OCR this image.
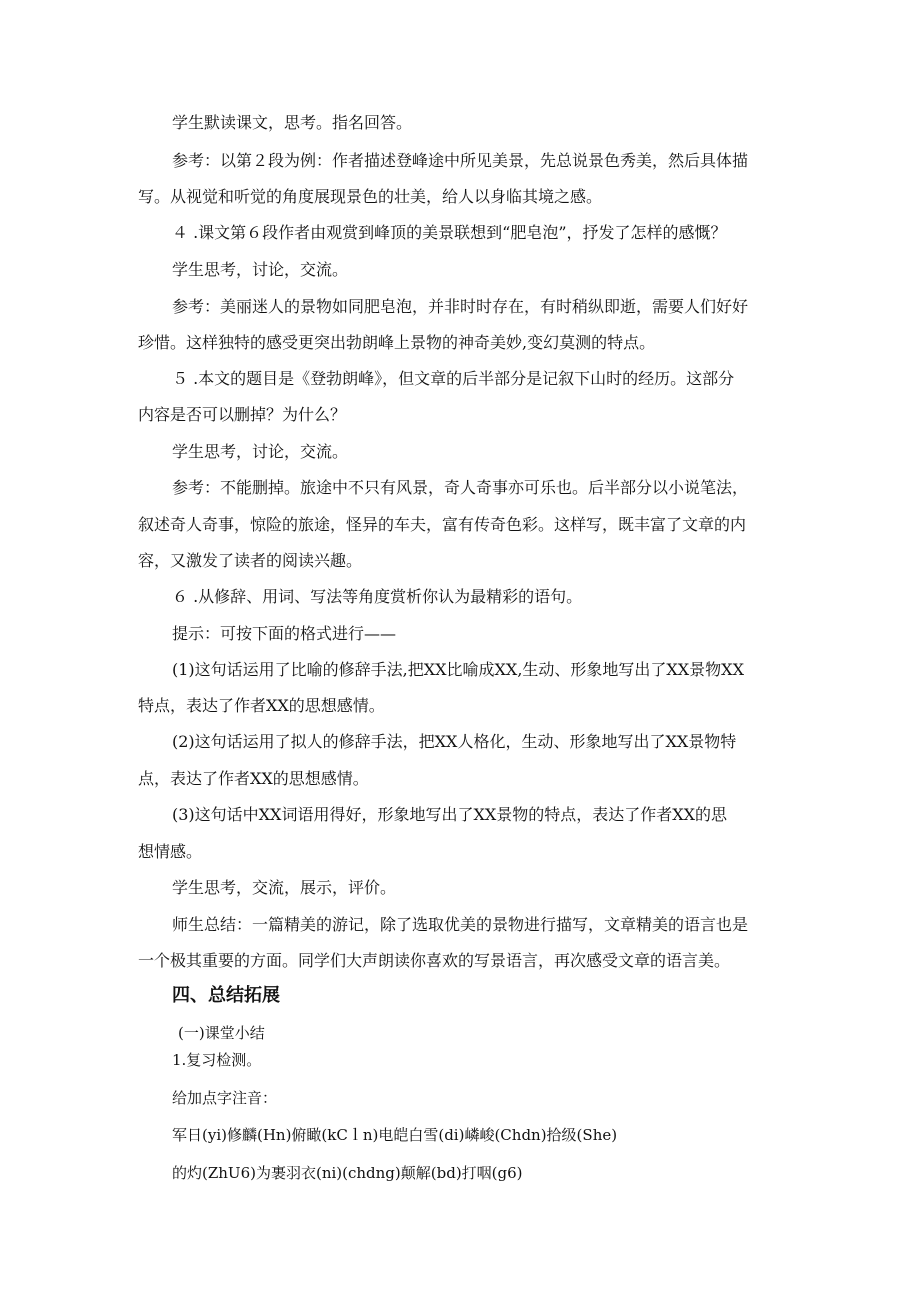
学生默读课文，思考。指名回答。

参考：以第２段为例：作者描述登峰途中所见美景，先总说景色秀美，然后具体描

写。从视觉和听觉的角度展现景色的壮美，给人以身临其境之感。

４ .课文第６段作者由观赏到峰顶的美景联想到“肥皂泡”，抒发了怎样的感慨？

学生思考，讨论，交流。

参考：美丽迷人的景物如同肥皂泡，并非时时存在，有时稍纵即逝，需要人们好好

珍惜。这样独特的感受更突出勃朗峰上景物的神奇美妙,变幻莫测的特点。

５ .本文的题目是《登勃朗峰》，但文章的后半部分是记叙下山时的经历。这部分

内容是否可以删掉？为什么？

学生思考，讨论，交流。

参考：不能删掉。旅途中不只有风景，奇人奇事亦可乐也。后半部分以小说笔法，

叙述奇人奇事，惊险的旅途，怪异的车夫，富有传奇色彩。这样写，既丰富了文章的内

容，又激发了读者的阅读兴趣。

６ .从修辞、用词、写法等角度赏析你认为最精彩的语句。

提示：可按下面的格式进行——

(1)这句话运用了比喻的修辞手法,把XX比喻成XX,生动、形象地写出了XX景物XX

特点，表达了作者XX的思想感情。

(2)这句话运用了拟人的修辞手法，把XX人格化，生动、形象地写出了XX景物特

点，表达了作者XX的思想感情。

(3)这句话中XX词语用得好，形象地写出了XX景物的特点，表达了作者XX的思

想情感。

学生思考，交流，展示，评价。

师生总结：一篇精美的游记，除了选取优美的景物进行描写，文章精美的语言也是

一个极其重要的方面。同学们大声朗读你喜欢的写景语言，再次感受文章的语言美。

四、总结拓展

(一)课堂小结

1.复习检测。

给加点字注音：

军日(yi)修麟(Hn)俯瞰(kCｌn)电皑白雪(di)嶙峻(Chdn)拾级(She)

的灼(ZhU6)为裹羽衣(ni)(chdng)颠解(bd)打咽(g6)
